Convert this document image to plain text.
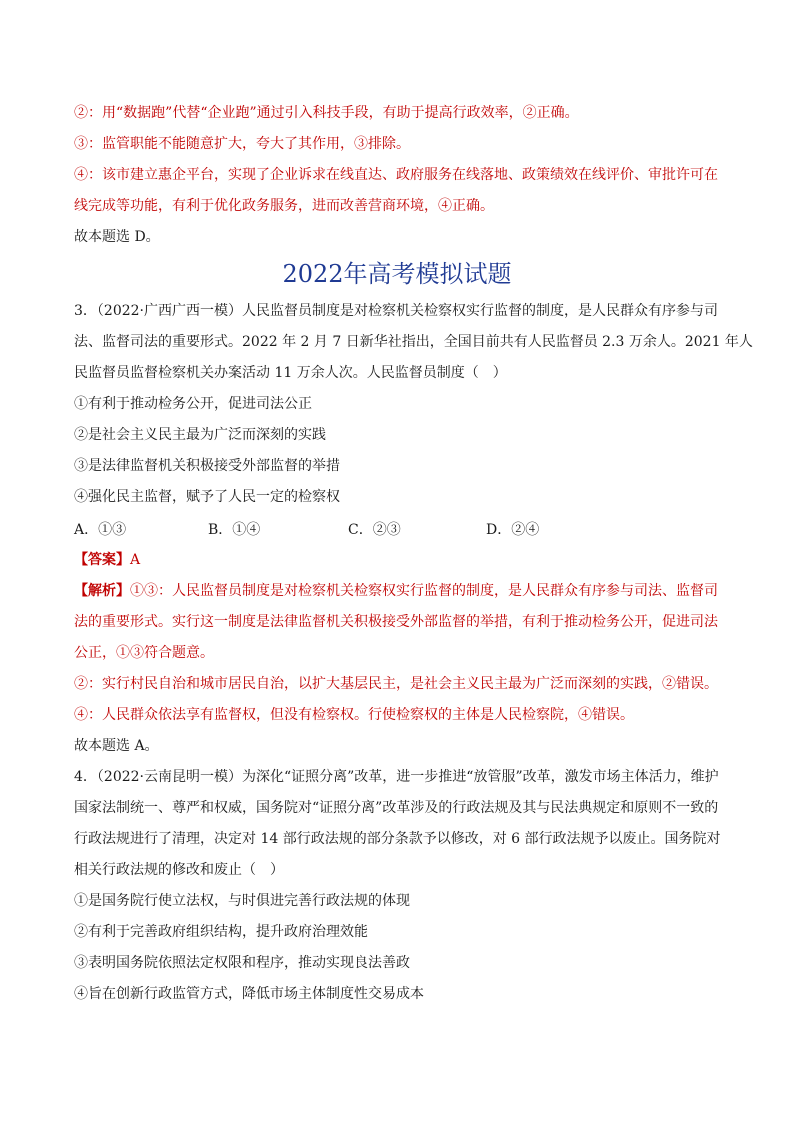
②：用“数据跑”代替“企业跑”通过引入科技手段，有助于提高行政效率，②正确。
③：监管职能不能随意扩大，夸大了其作用，③排除。
④：该市建立惠企平台，实现了企业诉求在线直达、政府服务在线落地、政策绩效在线评价、审批许可在
线完成等功能，有利于优化政务服务，进而改善营商环境，④正确。
故本题选 D。
2022年高考模拟试题
3．（2022·广西广西一模）人民监督员制度是对检察机关检察权实行监督的制度，是人民群众有序参与司
法、监督司法的重要形式。2022 年 2 月 7 日新华社指出，全国目前共有人民监督员 2.3 万余人。2021 年人
民监督员监督检察机关办案活动 11 万余人次。人民监督员制度（　）
①有利于推动检务公开，促进司法公正
②是社会主义民主最为广泛而深刻的实践
③是法律监督机关积极接受外部监督的举措
④强化民主监督，赋予了人民一定的检察权
A．①③	B．①④	C．②③	D．②④
【答案】A
【解析】①③：人民监督员制度是对检察机关检察权实行监督的制度，是人民群众有序参与司法、监督司
法的重要形式。实行这一制度是法律监督机关积极接受外部监督的举措，有利于推动检务公开，促进司法
公正，①③符合题意。
②：实行村民自治和城市居民自治，以扩大基层民主，是社会主义民主最为广泛而深刻的实践，②错误。
④：人民群众依法享有监督权，但没有检察权。行使检察权的主体是人民检察院，④错误。
故本题选 A。
4．（2022·云南昆明一模）为深化“证照分离”改革，进一步推进“放管服”改革，激发市场主体活力，维护
国家法制统一、尊严和权威，国务院对“证照分离”改革涉及的行政法规及其与民法典规定和原则不一致的
行政法规进行了清理，决定对 14 部行政法规的部分条款予以修改，对 6 部行政法规予以废止。国务院对
相关行政法规的修改和废止（　）
①是国务院行使立法权，与时俱进完善行政法规的体现
②有利于完善政府组织结构，提升政府治理效能
③表明国务院依照法定权限和程序，推动实现良法善政
④旨在创新行政监管方式，降低市场主体制度性交易成本
